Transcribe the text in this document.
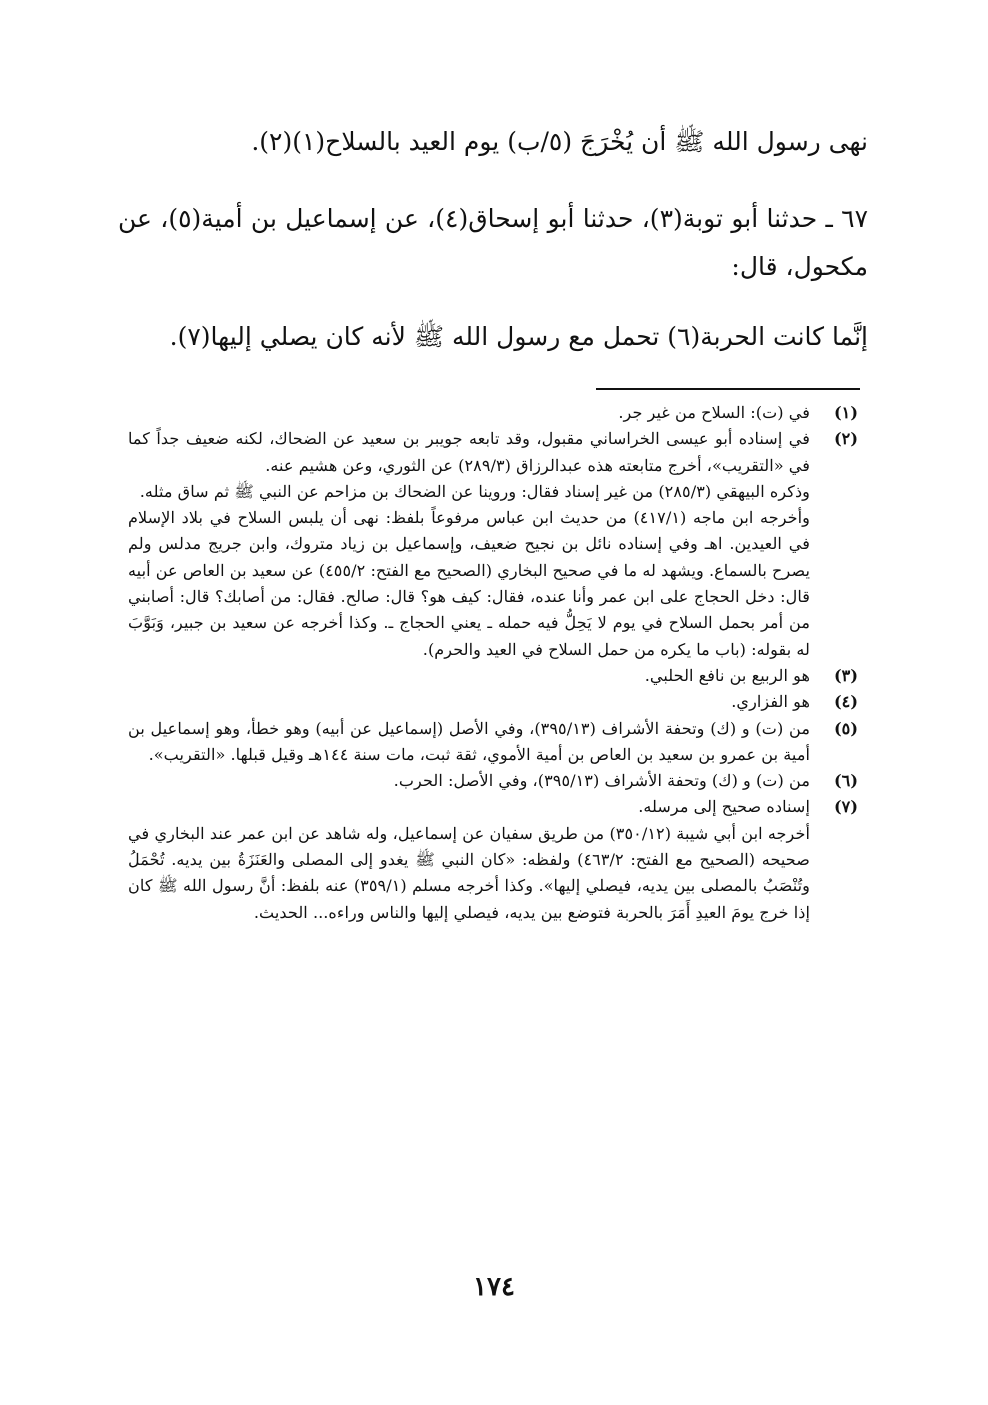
نهى رسول الله ﷺ أن يُخْرَجَ (٥/ب) يوم العيد بالسلاح(١)(٢).
٦٧ ـ حدثنا أبو توبة(٣)، حدثنا أبو إسحاق(٤)، عن إسماعيل بن أمية(٥)، عن مكحول، قال:
إنَّما كانت الحربة(٦) تحمل مع رسول الله ﷺ لأنه كان يصلي إليها(٧).
(١)
في (ت): السلاح من غير جر.
(٢)
في إسناده أبو عيسى الخراساني مقبول، وقد تابعه جويبر بن سعيد عن الضحاك، لكنه ضعيف جداً كما في «التقريب»، أخرج متابعته هذه عبدالرزاق (٢٨٩/٣) عن الثوري، وعن هشيم عنه.
وذكره البيهقي (٢٨٥/٣) من غير إسناد فقال: وروينا عن الضحاك بن مزاحم عن النبي ﷺ ثم ساق مثله.
وأخرجه ابن ماجه (٤١٧/١) من حديث ابن عباس مرفوعاً بلفظ: نهى أن يلبس السلاح في بلاد الإسلام في العيدين. اهـ وفي إسناده نائل بن نجيح ضعيف، وإسماعيل بن زياد متروك، وابن جريج مدلس ولم يصرح بالسماع. ويشهد له ما في صحيح البخاري (الصحيح مع الفتح: ٤٥٥/٢) عن سعيد بن العاص عن أبيه قال: دخل الحجاج على ابن عمر وأنا عنده، فقال: كيف هو؟ قال: صالح. فقال: من أصابك؟ قال: أصابني من أمر بحمل السلاح في يوم لا يَحِلُّ فيه حمله ـ يعني الحجاج ـ. وكذا أخرجه عن سعيد بن جبير، وَبَوَّبَ له بقوله: (باب ما يكره من حمل السلاح في العيد والحرم).
(٣)
هو الربيع بن نافع الحلبي.
(٤)
هو الفزاري.
(٥)
من (ت) و (ك) وتحفة الأشراف (٣٩٥/١٣)، وفي الأصل (إسماعيل عن أبيه) وهو خطأ، وهو إسماعيل بن أمية بن عمرو بن سعيد بن العاص بن أمية الأموي، ثقة ثبت، مات سنة ١٤٤هـ وقيل قبلها. «التقريب».
(٦)
من (ت) و (ك) وتحفة الأشراف (٣٩٥/١٣)، وفي الأصل: الحرب.
(٧)
إسناده صحيح إلى مرسله.
أخرجه ابن أبي شيبة (٣٥٠/١٢) من طريق سفيان عن إسماعيل، وله شاهد عن ابن عمر عند البخاري في صحيحه (الصحيح مع الفتح: ٤٦٣/٢) ولفظه: «كان النبي ﷺ يغدو إلى المصلى والعَنَزَةُ بين يديه. تُحْمَلُ وتُنْصَبُ بالمصلى بين يديه، فيصلي إليها». وكذا أخرجه مسلم (٣٥٩/١) عنه بلفظ: أنَّ رسول الله ﷺ كان إذا خرج يومَ العيدِ أَمَرَ بالحربة فتوضع بين يديه، فيصلي إليها والناس وراءه... الحديث.
١٧٤
